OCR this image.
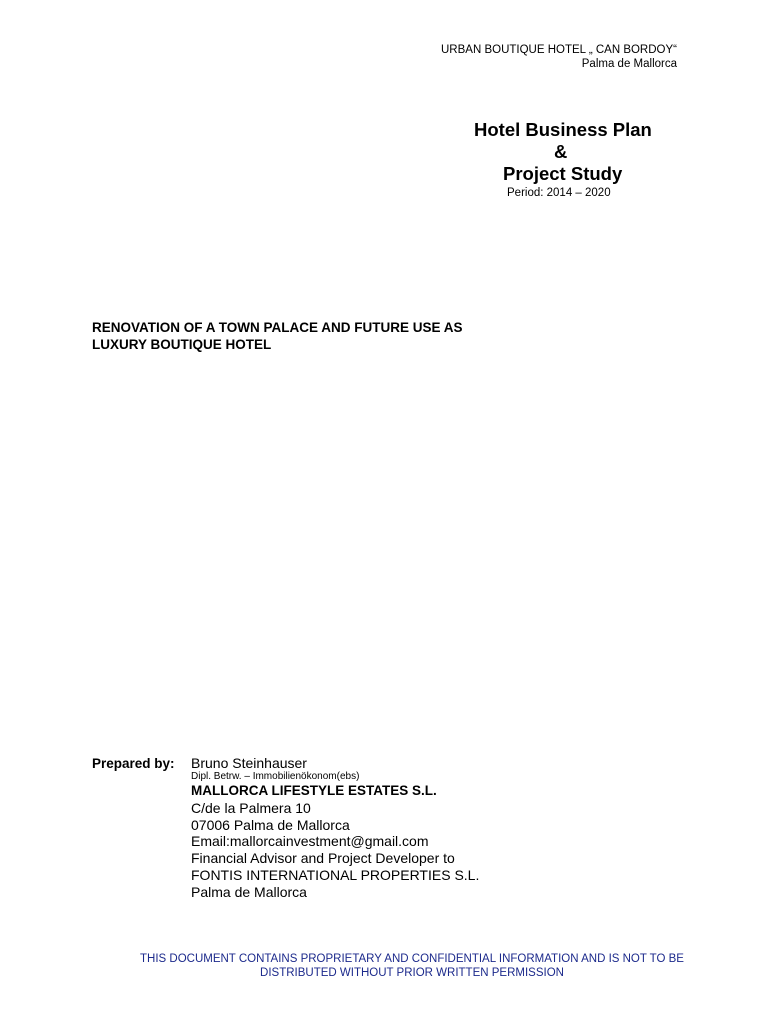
URBAN BOUTIQUE HOTEL „ CAN BORDOY“
Palma de Mallorca
Hotel Business Plan
&
Project Study
Period: 2014 – 2020
RENOVATION OF A TOWN PALACE AND FUTURE USE AS
LUXURY BOUTIQUE HOTEL
Prepared by: Bruno Steinhauser
Dipl. Betrw. – Immobilienökonom(ebs)
MALLORCA LIFESTYLE ESTATES S.L.
C/de la Palmera 10
07006 Palma de Mallorca
Email:mallorcainvestment@gmail.com
Financial Advisor and Project Developer to
FONTIS INTERNATIONAL PROPERTIES S.L.
Palma de Mallorca
THIS DOCUMENT CONTAINS PROPRIETARY AND CONFIDENTIAL INFORMATION AND IS NOT TO BE
DISTRIBUTED WITHOUT PRIOR WRITTEN PERMISSION
